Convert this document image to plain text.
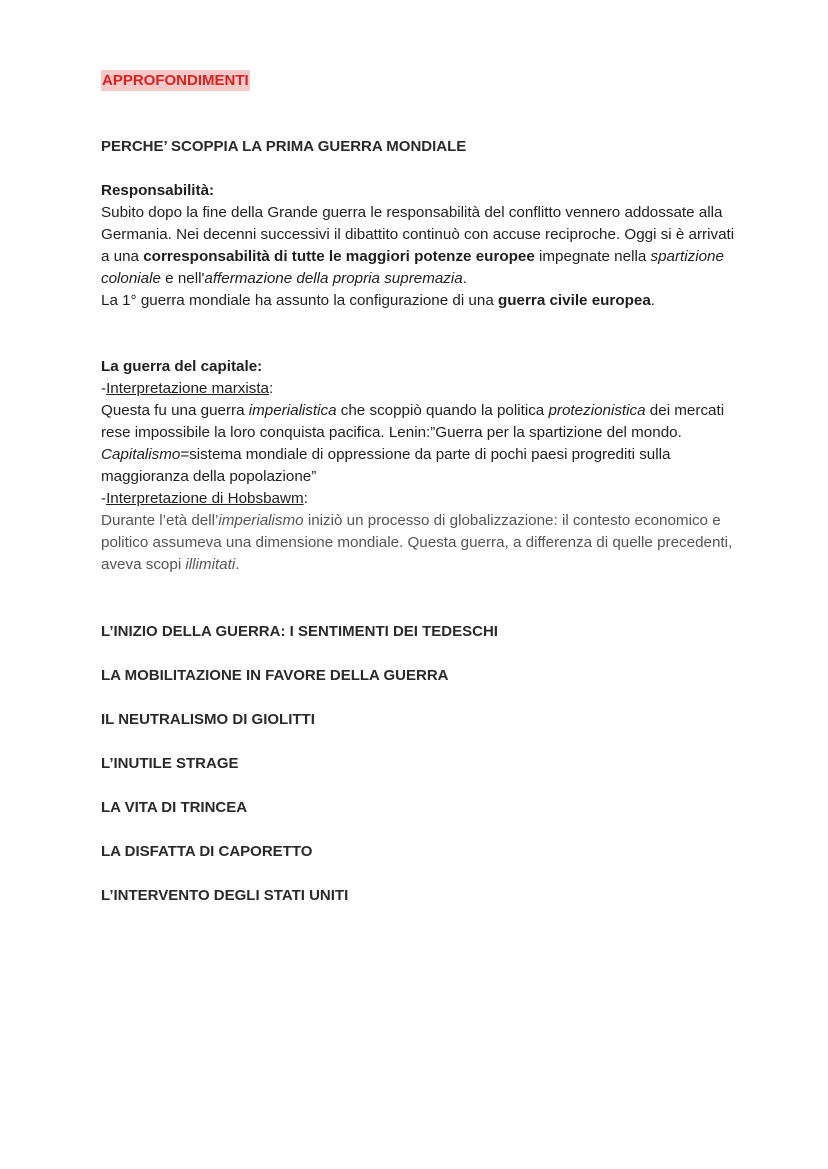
APPROFONDIMENTI
PERCHE’ SCOPPIA LA PRIMA GUERRA MONDIALE

Responsabilità:

Subito dopo la fine della Grande guerra le responsabilità del conflitto vennero addossate alla Germania. Nei decenni successivi il dibattito continuò con accuse reciproche. Oggi si è arrivati a una corresponsabilità di tutte le maggiori potenze europee impegnate nella spartizione coloniale e nell'affermazione della propria supremazia.

La 1° guerra mondiale ha assunto la configurazione di una guerra civile europea.

La guerra del capitale:

-Interpretazione marxista:

Questa fu una guerra imperialistica che scoppiò quando la politica protezionistica dei mercati rese impossibile la loro conquista pacifica. Lenin:”Guerra per la spartizione del mondo. Capitalismo=sistema mondiale di oppressione da parte di pochi paesi progrediti sulla maggioranza della popolazione”

-Interpretazione di Hobsbawm:

Durante l’età dell’imperialismo iniziò un processo di globalizzazione: il contesto economico e politico assumeva una dimensione mondiale. Questa guerra, a differenza di quelle precedenti, aveva scopi illimitati.

L’INIZIO DELLA GUERRA: I SENTIMENTI DEI TEDESCHI
LA MOBILITAZIONE IN FAVORE DELLA GUERRA
IL NEUTRALISMO DI GIOLITTI
L’INUTILE STRAGE
LA VITA DI TRINCEA
LA DISFATTA DI CAPORETTO
L’INTERVENTO DEGLI STATI UNITI
